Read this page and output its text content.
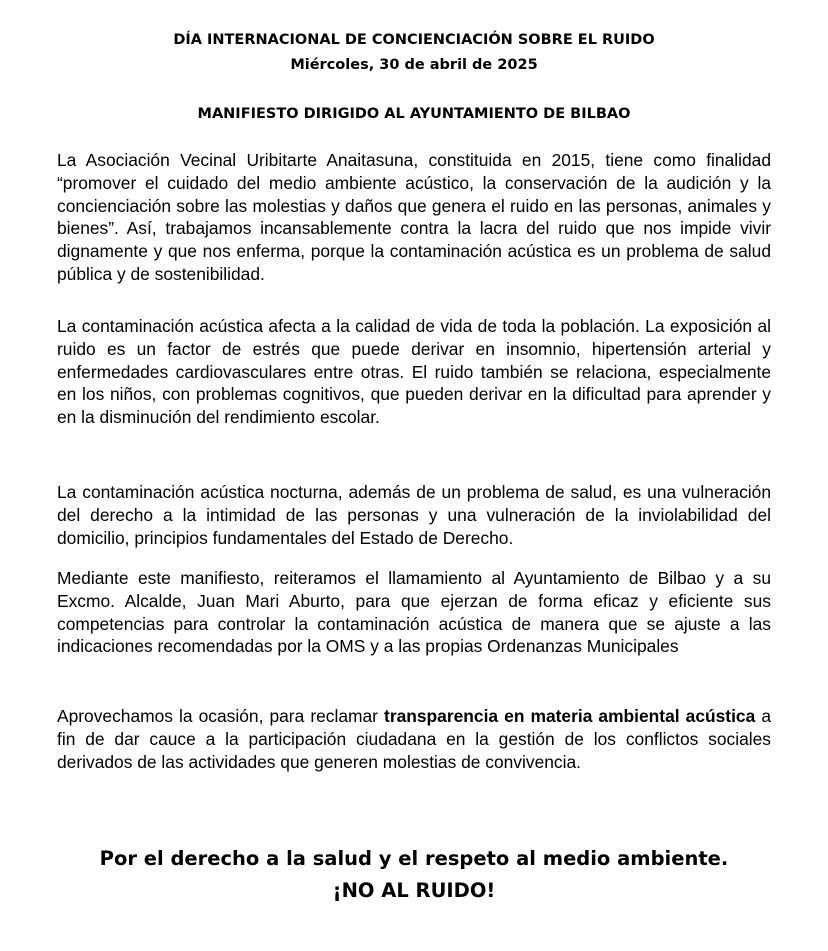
DÍA INTERNACIONAL DE CONCIENCIACIÓN SOBRE EL RUIDO
Miércoles, 30 de abril de 2025
MANIFIESTO DIRIGIDO AL AYUNTAMIENTO DE BILBAO

La Asociación Vecinal Uribitarte Anaitasuna, constituida en 2015, tiene como finalidad “promover el cuidado del medio ambiente acústico, la conservación de la audición y la concienciación sobre las molestias y daños que genera el ruido en las personas, animales y bienes”. Así, trabajamos incansablemente contra la lacra del ruido que nos impide vivir dignamente y que nos enferma, porque la contaminación acústica es un problema de salud pública y de sostenibilidad.

La contaminación acústica afecta a la calidad de vida de toda la población. La exposición al ruido es un factor de estrés que puede derivar en insomnio, hipertensión arterial y enfermedades cardiovasculares entre otras. El ruido también se relaciona, especialmente en los niños, con problemas cognitivos, que pueden derivar en la dificultad para aprender y en la disminución del rendimiento escolar.

La contaminación acústica nocturna, además de un problema de salud, es una vulneración del derecho a la intimidad de las personas y una vulneración de la inviolabilidad del domicilio, principios fundamentales del Estado de Derecho.

Mediante este manifiesto, reiteramos el llamamiento al Ayuntamiento de Bilbao y a su Excmo. Alcalde, Juan Mari Aburto, para que ejerzan de forma eficaz y eficiente sus competencias para controlar la contaminación acústica de manera que se ajuste a las indicaciones recomendadas por la OMS y a las propias Ordenanzas Municipales

Aprovechamos la ocasión, para reclamar transparencia en materia ambiental acústica a fin de dar cauce a la participación ciudadana en la gestión de los conflictos sociales derivados de las actividades que generen molestias de convivencia.

Por el derecho a la salud y el respeto al medio ambiente.
¡NO AL RUIDO!
